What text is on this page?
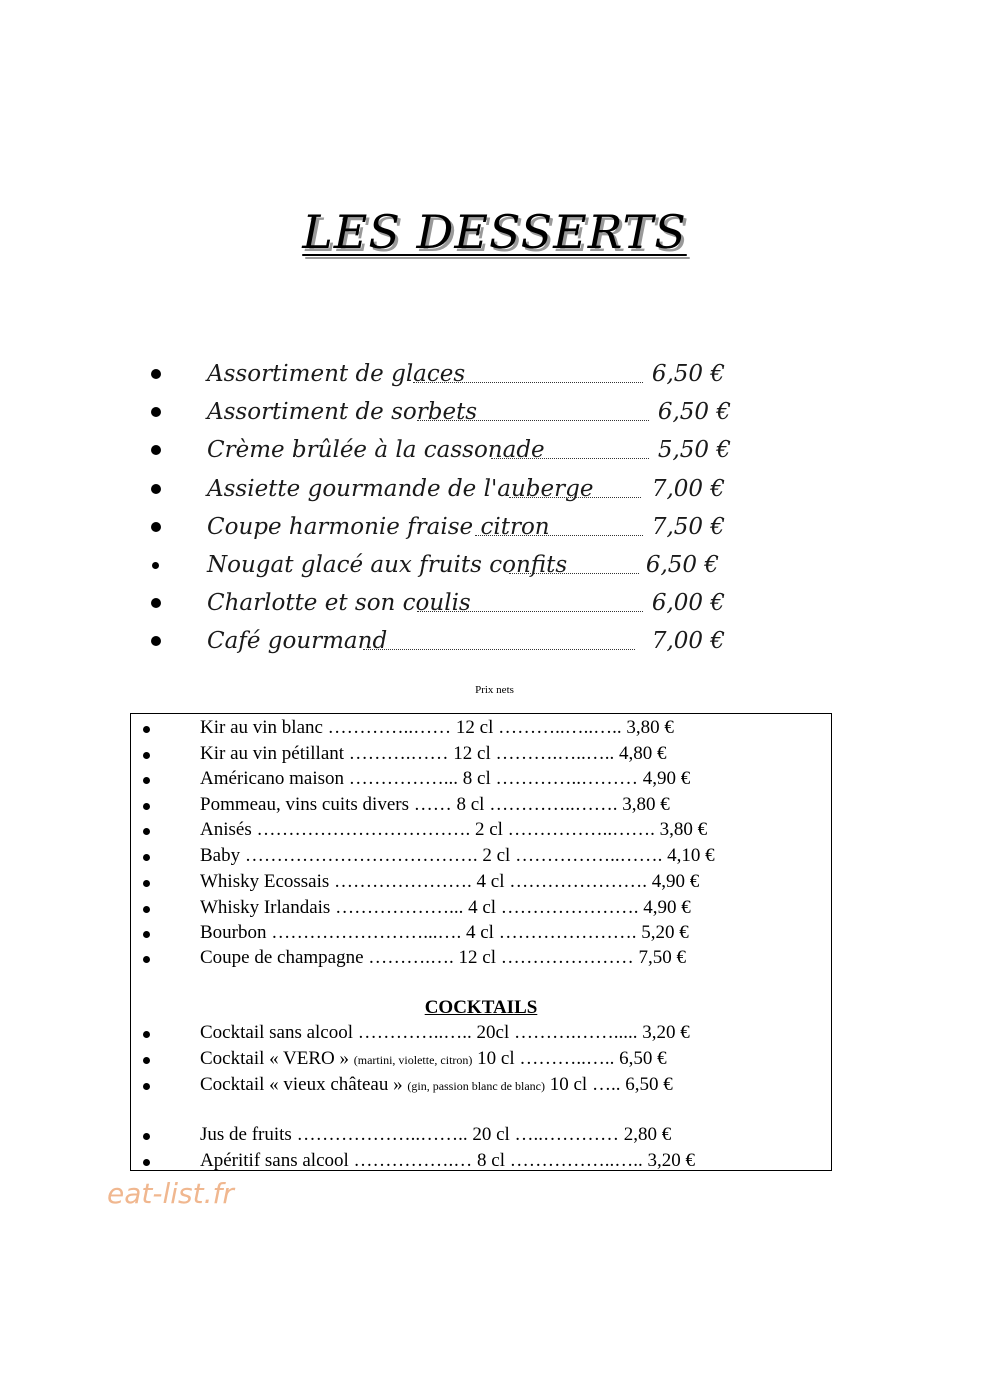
LES DESSERTS
Assortiment de glaces	6,50 €
Assortiment de sorbets	6,50 €
Crème brûlée à la cassonade	5,50 €
Assiette gourmande de l'auberge	7,00 €
Coupe harmonie fraise citron	7,50 €
Nougat glacé aux fruits confits	6,50 €
Charlotte et son coulis	6,00 €
Café gourmand	7,00 €
Prix nets
Kir au vin blanc …………..…… 12 cl ………..…..….. 3,80 €
Kir au vin pétillant ……….…… 12 cl ……….…..….. 4,80 €
Américano maison ……………... 8 cl …………..……… 4,90 €
Pommeau, vins cuits divers …… 8 cl …………..……. 3,80 €
Anisés ……………………………. 2 cl ……………..……. 3,80 €
Baby ………………………………. 2 cl ……………..……. 4,10 €
Whisky Ecossais …………………. 4 cl …………………. 4,90 €
Whisky Irlandais ………………... 4 cl …………………. 4,90 €
Bourbon ……………………...…. 4 cl …………………. 5,20 €
Coupe de champagne ……….…. 12 cl ………………… 7,50 €
COCKTAILS
Cocktail sans alcool …………..….. 20cl ……….……..... 3,20 €
Cocktail « VERO » (martini, violette, citron) 10 cl ………..….. 6,50 €
Cocktail « vieux château » (gin, passion blanc de blanc) 10 cl ….. 6,50 €
Jus de fruits ………………..…….. 20 cl …..………… 2,80 €
Apéritif sans alcool …………….… 8 cl ……………..….. 3,20 €
eat-list.fr
